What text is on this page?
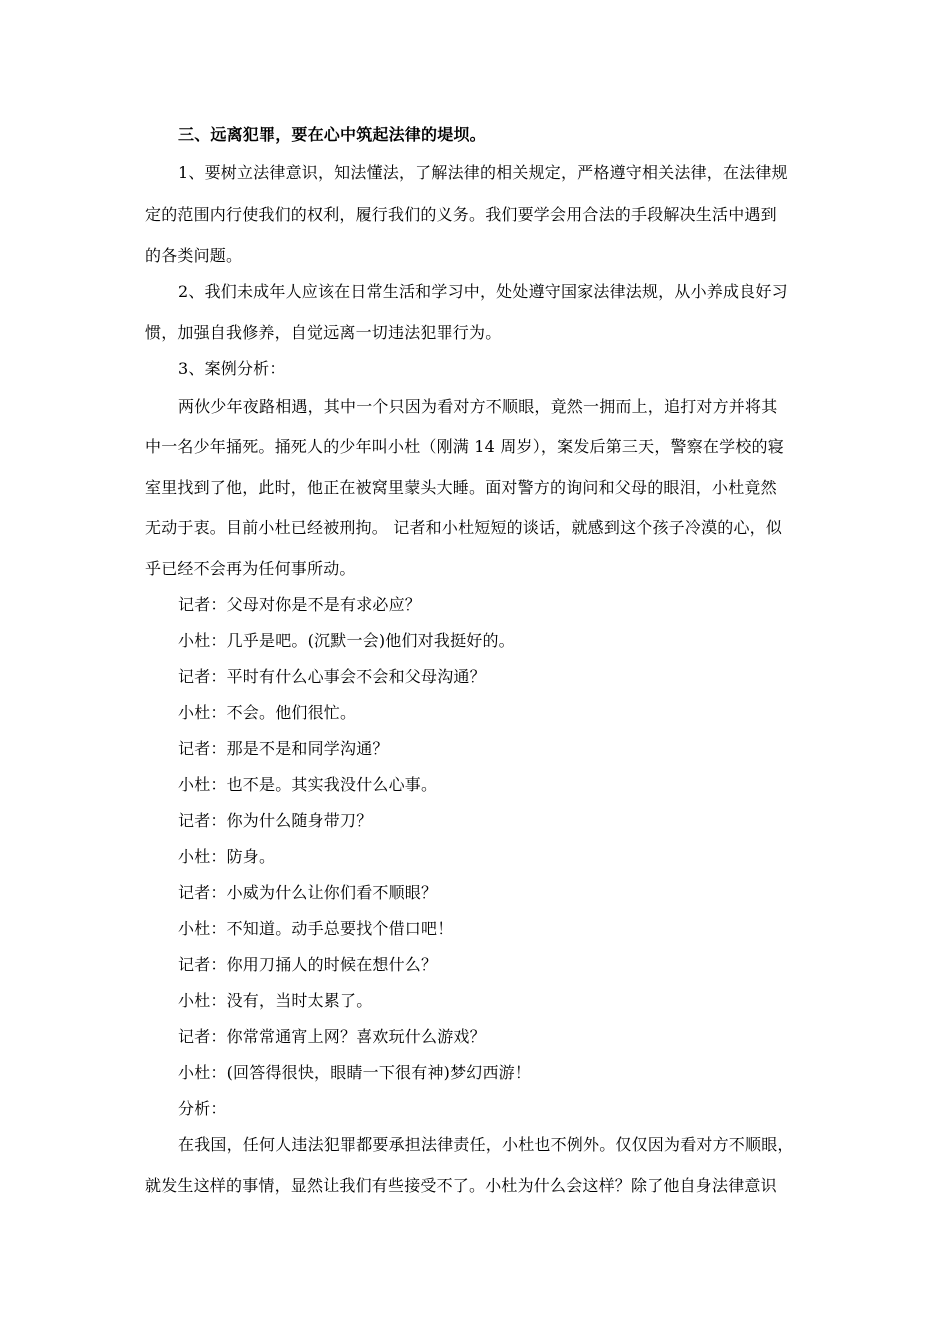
三、远离犯罪，要在心中筑起法律的堤坝。
1、要树立法律意识，知法懂法，了解法律的相关规定，严格遵守相关法律，在法律规
定的范围内行使我们的权利，履行我们的义务。我们要学会用合法的手段解决生活中遇到
的各类问题。
2、我们未成年人应该在日常生活和学习中，处处遵守国家法律法规，从小养成良好习
惯，加强自我修养，自觉远离一切违法犯罪行为。
3、案例分析：
两伙少年夜路相遇，其中一个只因为看对方不顺眼，竟然一拥而上，追打对方并将其
中一名少年捅死。捅死人的少年叫小杜（刚满 14 周岁），案发后第三天，警察在学校的寝
室里找到了他，此时，他正在被窝里蒙头大睡。面对警方的询问和父母的眼泪，小杜竟然
无动于衷。目前小杜已经被刑拘。 记者和小杜短短的谈话，就感到这个孩子冷漠的心，似
乎已经不会再为任何事所动。
记者：父母对你是不是有求必应？
小杜：几乎是吧。(沉默一会)他们对我挺好的。
记者：平时有什么心事会不会和父母沟通？
小杜：不会。他们很忙。
记者：那是不是和同学沟通？
小杜：也不是。其实我没什么心事。
记者：你为什么随身带刀？
小杜：防身。
记者：小威为什么让你们看不顺眼？
小杜：不知道。动手总要找个借口吧！
记者：你用刀捅人的时候在想什么？
小杜：没有，当时太累了。
记者：你常常通宵上网？喜欢玩什么游戏？
小杜：(回答得很快，眼睛一下很有神)梦幻西游！
分析：
在我国，任何人违法犯罪都要承担法律责任，小杜也不例外。仅仅因为看对方不顺眼，
就发生这样的事情，显然让我们有些接受不了。小杜为什么会这样？除了他自身法律意识
